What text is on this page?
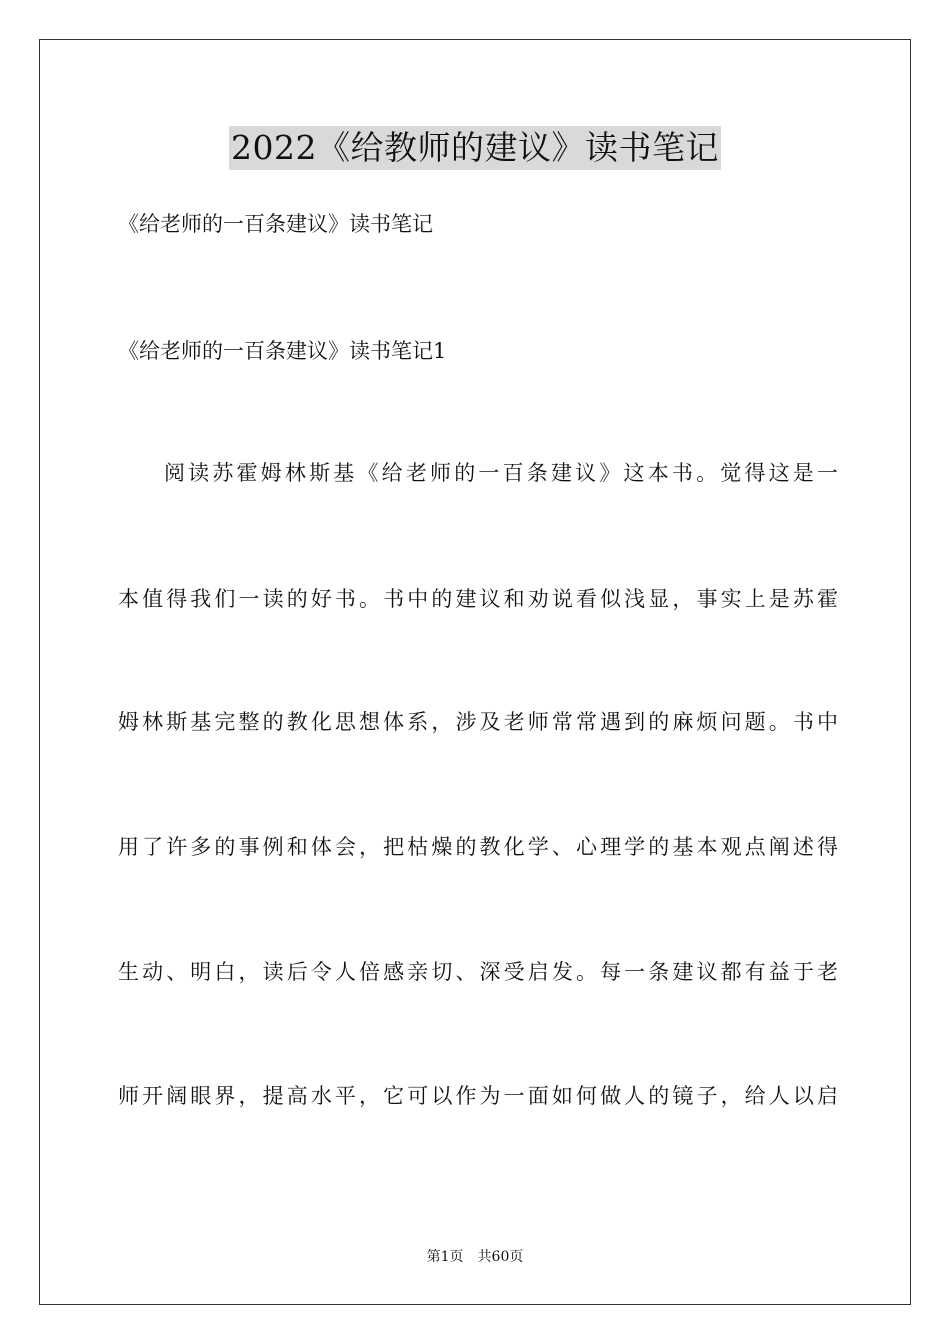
2022《给教师的建议》读书笔记
《给老师的一百条建议》读书笔记
《给老师的一百条建议》读书笔记1
阅读苏霍姆林斯基《给老师的一百条建议》这本书。觉得这是一
本值得我们一读的好书。书中的建议和劝说看似浅显，事实上是苏霍
姆林斯基完整的教化思想体系，涉及老师常常遇到的麻烦问题。书中
用了许多的事例和体会，把枯燥的教化学、心理学的基本观点阐述得
生动、明白，读后令人倍感亲切、深受启发。每一条建议都有益于老
师开阔眼界，提高水平，它可以作为一面如何做人的镜子，给人以启
第1页 共60页
